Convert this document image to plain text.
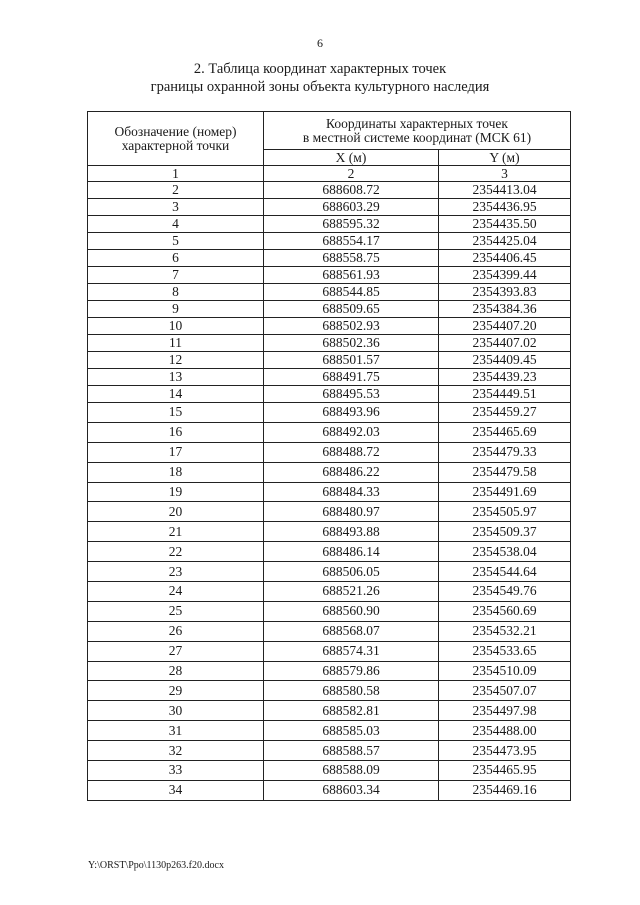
6
2. Таблица координат характерных точек
границы охранной зоны объекта культурного наследия
Обозначение (номер) характерной точки	Координаты характерных точек
в местной системе координат (МСК 61)	

	X (м)	Y (м)
1	2	3
2	688608.72	2354413.04
3	688603.29	2354436.95
4	688595.32	2354435.50
5	688554.17	2354425.04
6	688558.75	2354406.45
7	688561.93	2354399.44
8	688544.85	2354393.83
9	688509.65	2354384.36
10	688502.93	2354407.20
11	688502.36	2354407.02
12	688501.57	2354409.45
13	688491.75	2354439.23
14	688495.53	2354449.51
15	688493.96	2354459.27
16	688492.03	2354465.69
17	688488.72	2354479.33
18	688486.22	2354479.58
19	688484.33	2354491.69
20	688480.97	2354505.97
21	688493.88	2354509.37
22	688486.14	2354538.04
23	688506.05	2354544.64
24	688521.26	2354549.76
25	688560.90	2354560.69
26	688568.07	2354532.21
27	688574.31	2354533.65
28	688579.86	2354510.09
29	688580.58	2354507.07
30	688582.81	2354497.98
31	688585.03	2354488.00
32	688588.57	2354473.95
33	688588.09	2354465.95
34	688603.34	2354469.16
Y:\ORST\Ppo\1130p263.f20.docx
